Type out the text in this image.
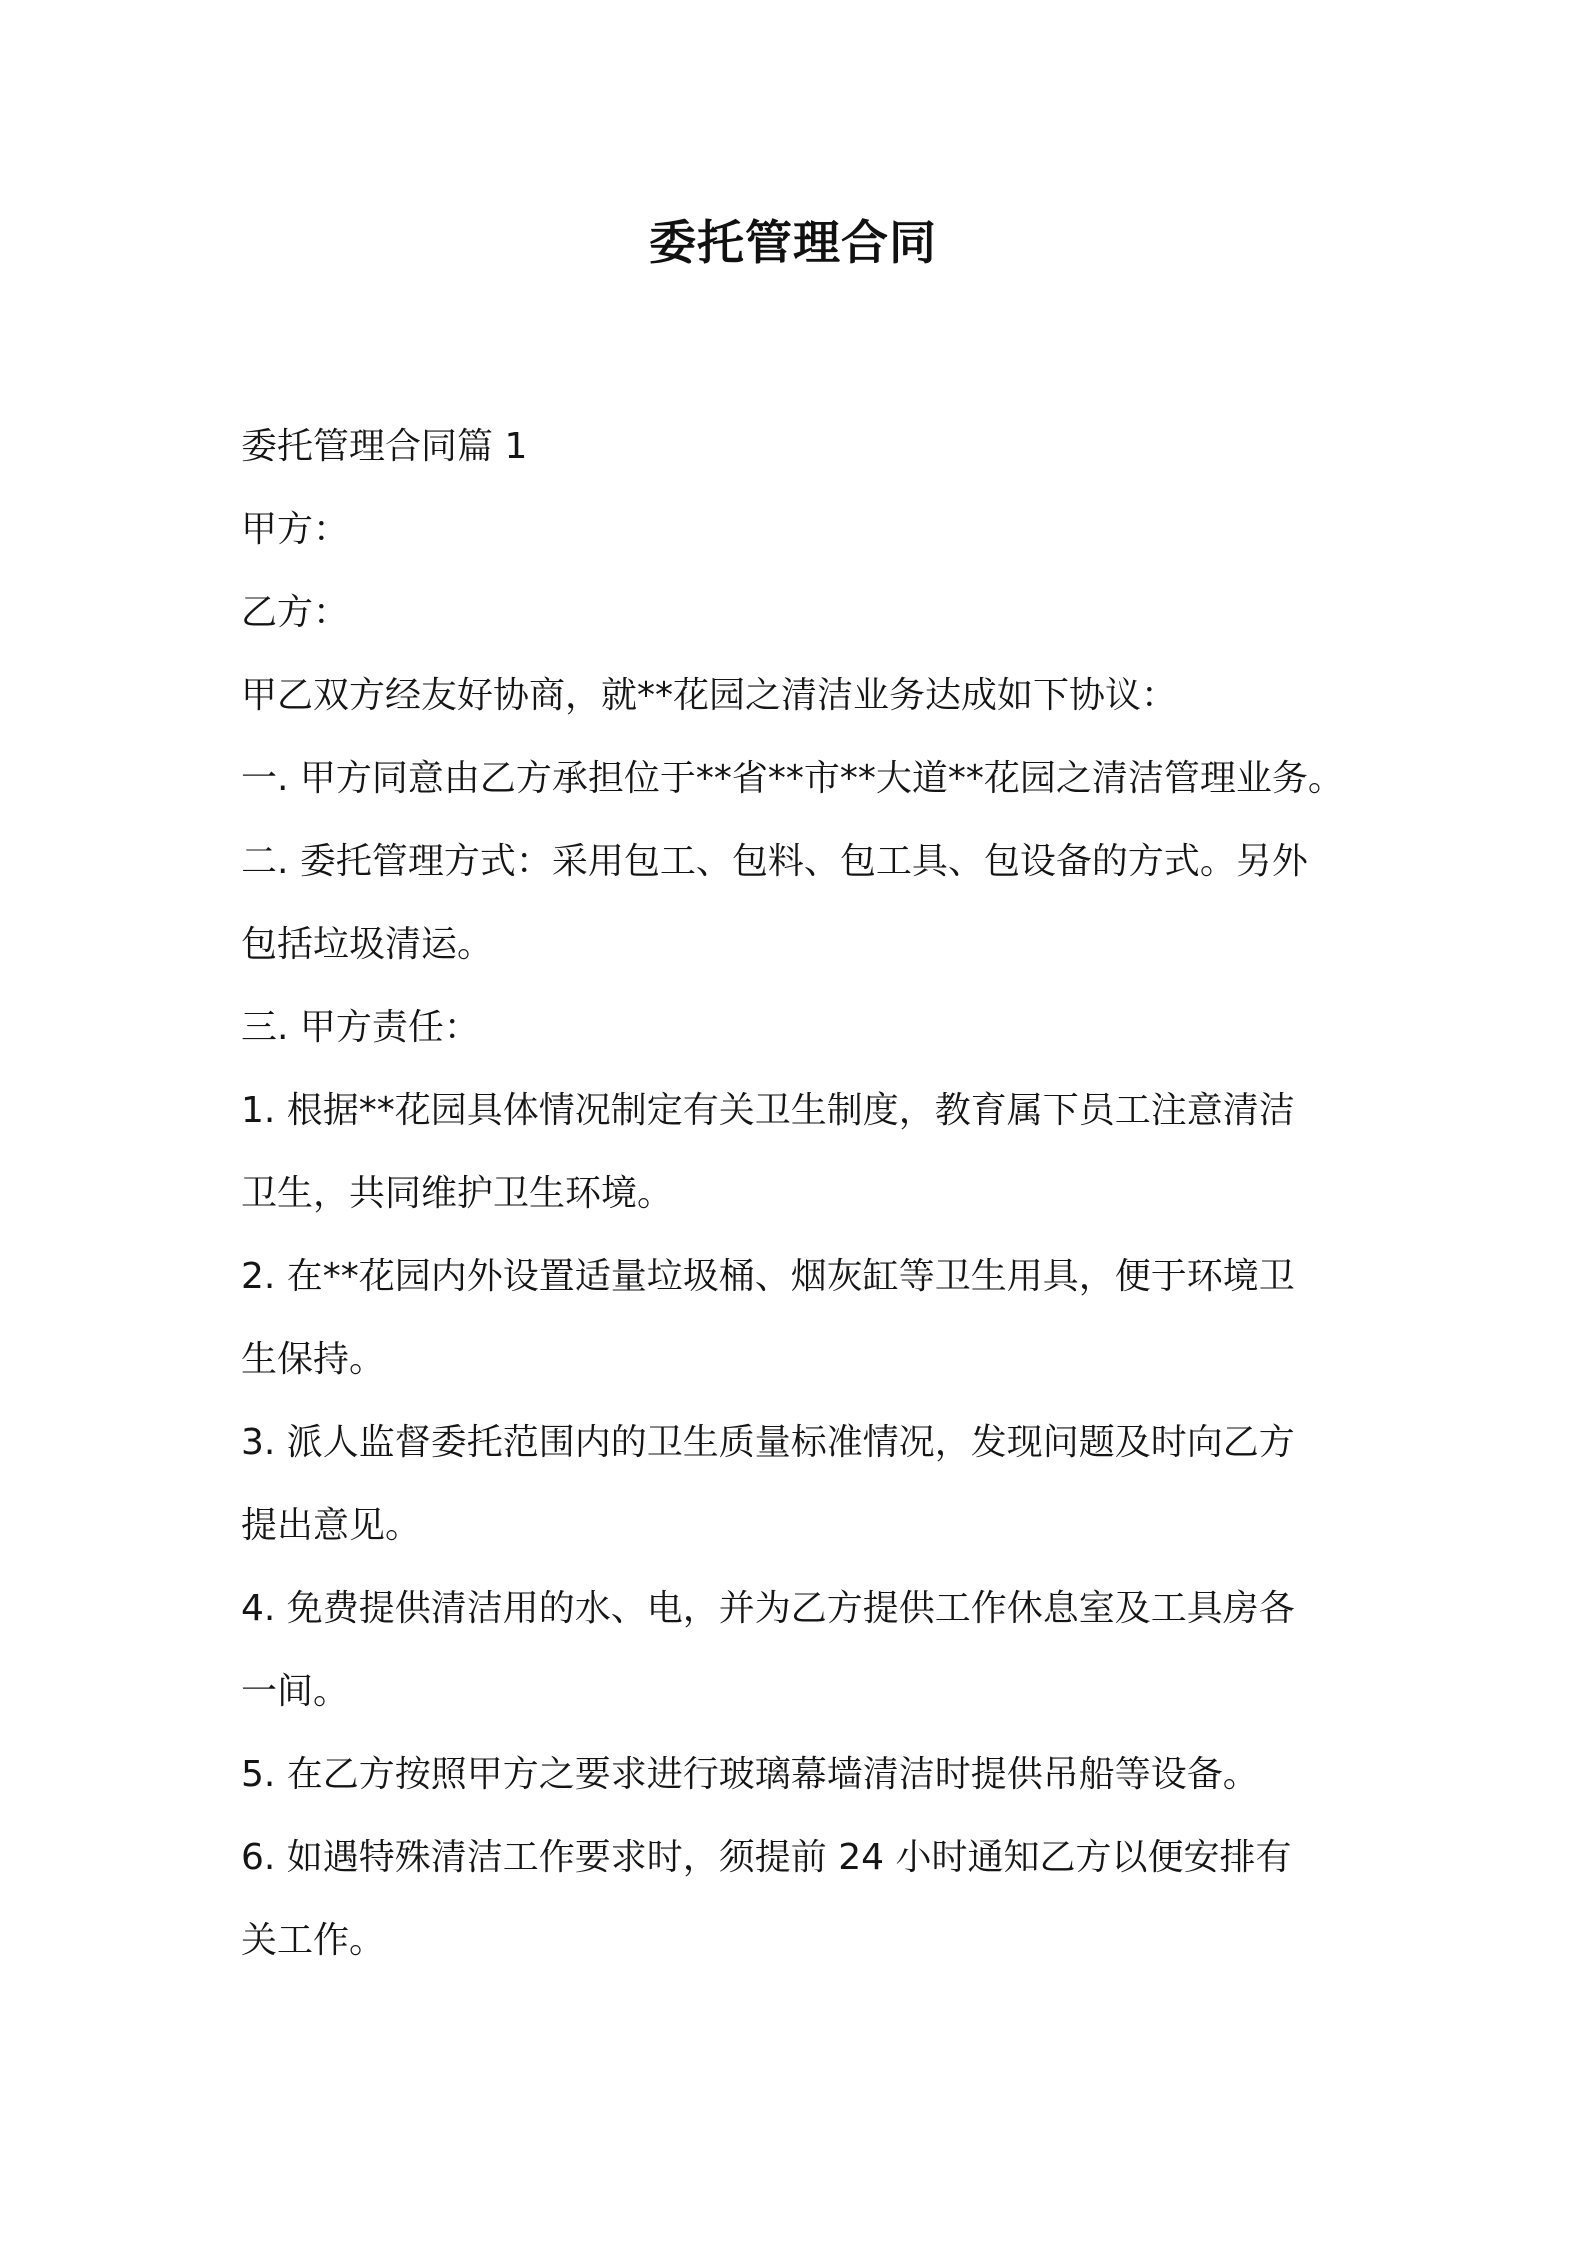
委托管理合同

委托管理合同篇 1

甲方：

乙方：

甲乙双方经友好协商，就**花园之清洁业务达成如下协议：

一. 甲方同意由乙方承担位于**省**市**大道**花园之清洁管理业务。

二. 委托管理方式：采用包工、包料、包工具、包设备的方式。另外

包括垃圾清运。

三. 甲方责任：

1. 根据**花园具体情况制定有关卫生制度，教育属下员工注意清洁

卫生，共同维护卫生环境。

2. 在**花园内外设置适量垃圾桶、烟灰缸等卫生用具，便于环境卫

生保持。

3. 派人监督委托范围内的卫生质量标准情况，发现问题及时向乙方

提出意见。

4. 免费提供清洁用的水、电，并为乙方提供工作休息室及工具房各

一间。

5. 在乙方按照甲方之要求进行玻璃幕墙清洁时提供吊船等设备。

6. 如遇特殊清洁工作要求时，须提前 24 小时通知乙方以便安排有

关工作。
